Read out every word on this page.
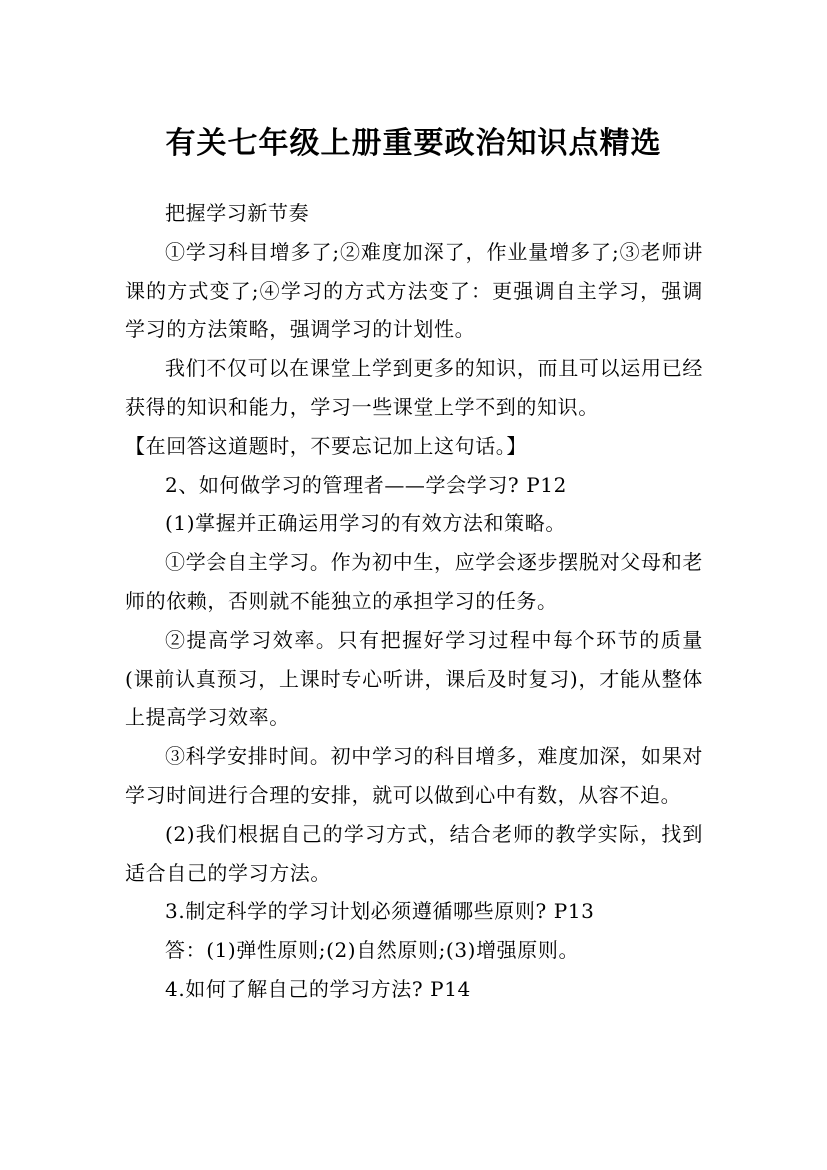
有关七年级上册重要政治知识点精选

把握学习新节奏

①学习科目增多了;②难度加深了，作业量增多了;③老师讲课的方式变了;④学习的方式方法变了：更强调自主学习，强调学习的方法策略，强调学习的计划性。

我们不仅可以在课堂上学到更多的知识，而且可以运用已经获得的知识和能力，学习一些课堂上学不到的知识。

【在回答这道题时，不要忘记加上这句话。】

2、如何做学习的管理者——学会学习? P12

(1)掌握并正确运用学习的有效方法和策略。

①学会自主学习。作为初中生，应学会逐步摆脱对父母和老师的依赖，否则就不能独立的承担学习的任务。

②提高学习效率。只有把握好学习过程中每个环节的质量(课前认真预习，上课时专心听讲，课后及时复习)，才能从整体上提高学习效率。

③科学安排时间。初中学习的科目增多，难度加深，如果对学习时间进行合理的安排，就可以做到心中有数，从容不迫。

(2)我们根据自己的学习方式，结合老师的教学实际，找到适合自己的学习方法。

3.制定科学的学习计划必须遵循哪些原则? P13

答：(1)弹性原则;(2)自然原则;(3)增强原则。

4.如何了解自己的学习方法? P14
